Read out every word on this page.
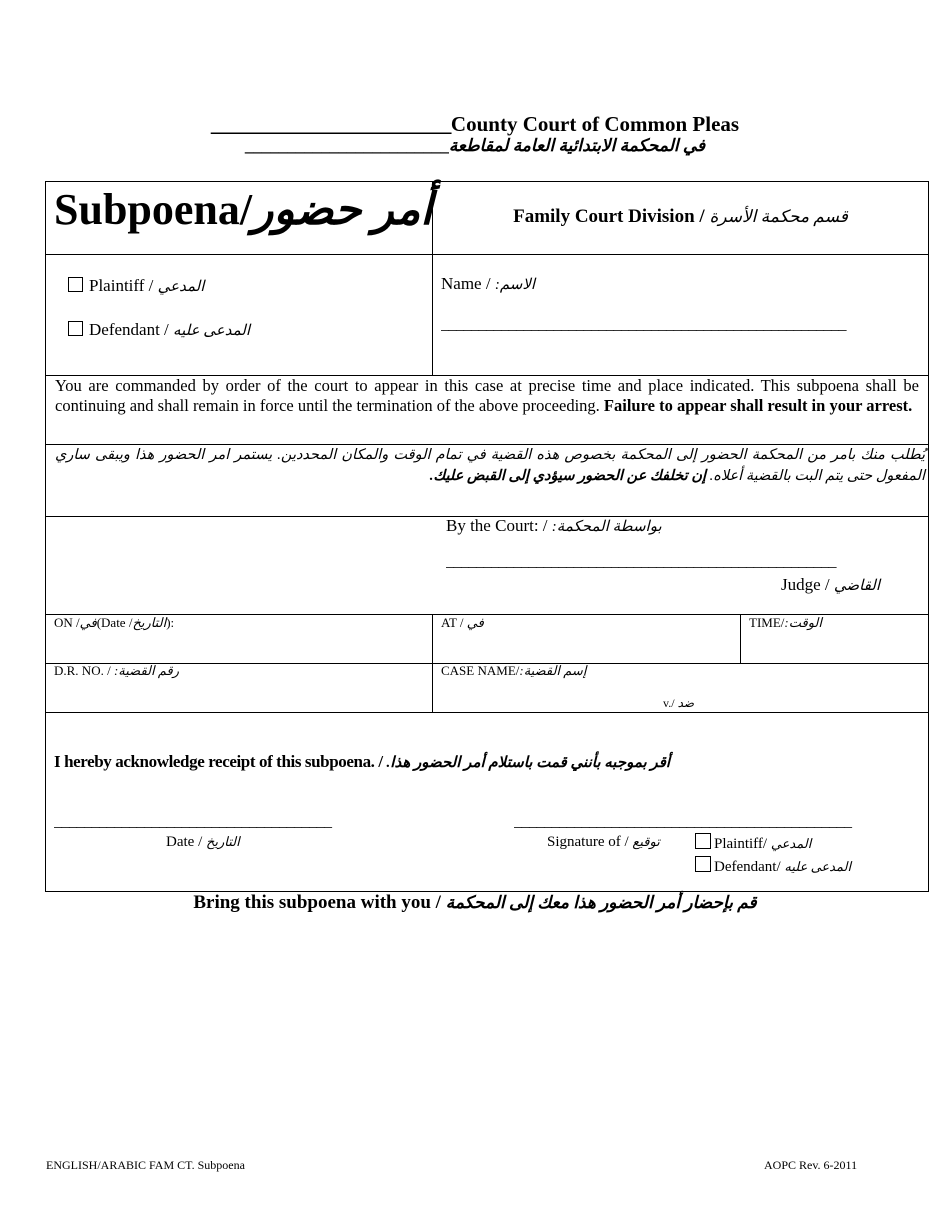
________________________County Court of Common Pleas
________________________في المحكمة الابتدائية العامة لمقاطعة
Subpoena/أمر حضور	Family Court Division / قسم محكمة الأسرة
Plaintiff / المدعي
Defendant / المدعى عليه
Name / الاسم:
______________________________________________________
You are commanded by order of the court to appear in this case at precise time and place indicated. This subpoena shall be continuing and shall remain in force until the termination of the above proceeding. Failure to appear shall result in your arrest.
يُطلب منك بامر من المحكمة الحضور إلى المحكمة بخصوص هذه القضية في تمام الوقت والمكان المحددين. يستمر امر الحضور هذا ويبقى ساري المفعول حتى يتم البت بالقضية أعلاه. إن تخلفك عن الحضور سيؤدي إلى القبض عليك.
By the Court: / بواسطة المحكمة:
____________________________________________________
Judge / القاضي
ON /في(Date /التاريخ):	AT / في	TIME/الوقت:
D.R. NO. / رقم القضية:	CASE NAME/إسم القضية:
v./ ضد
I hereby acknowledge receipt of this subpoena. / أقر بموجبه بأنني قمت باستلام أمر الحضور هذا.
_____________________________________
Date / التاريخ
_____________________________________________
Signature of / توقيع	Plaintiff/ المدعي
Defendant/ المدعى عليه
Bring this subpoena with you / قم بإحضار أمر الحضور هذا معك إلى المحكمة
ENGLISH/ARABIC FAM CT. Subpoena	AOPC Rev. 6-2011
